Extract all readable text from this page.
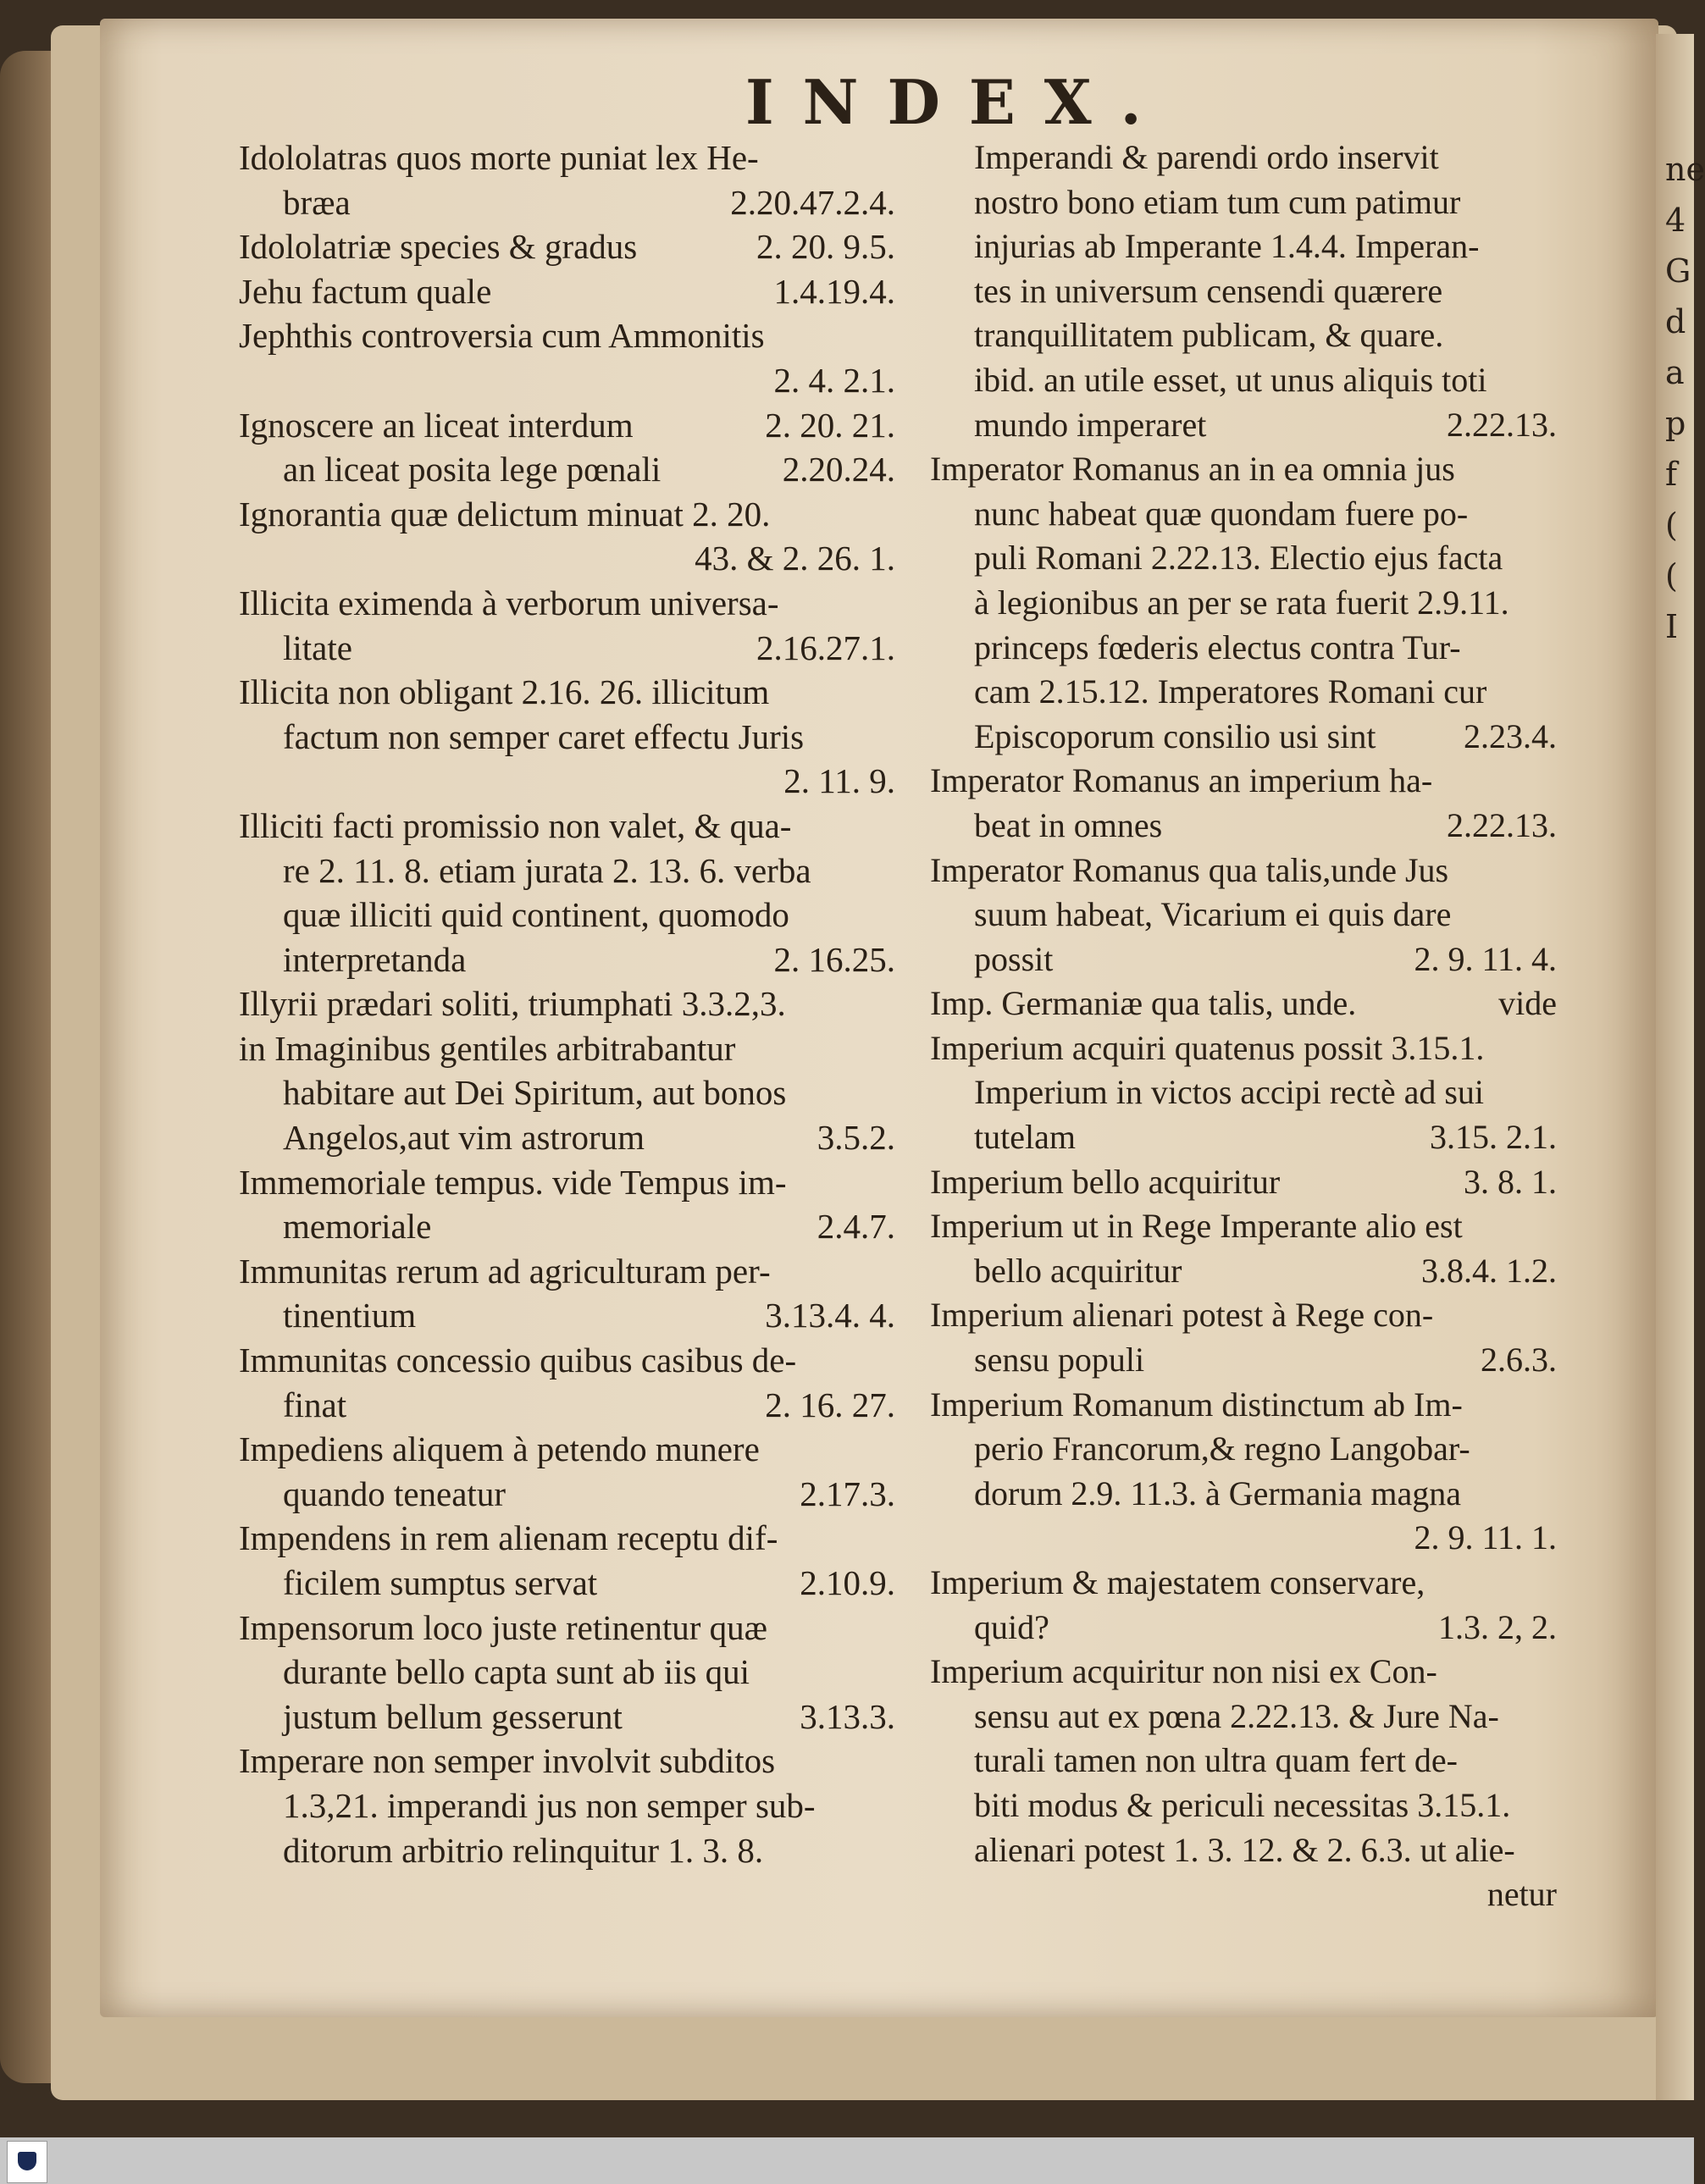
ne
4
G
d
a
p
f
(
(
I
INDEX.
Idololatras quos morte puniat lex He-
bræa	2.20.47.2.4.
Idololatriæ species & gradus	2. 20. 9.5.
Jehu factum quale	1.4.19.4.
Jephthis controversia cum Ammonitis
2. 4. 2.1.
Ignoscere an liceat interdum	2. 20. 21.
an liceat posita lege pœnali	2.20.24.
Ignorantia quæ delictum minuat 2. 20.
43. & 2. 26. 1.
Illicita eximenda à verborum universa-
litate	2.16.27.1.
Illicita non obligant 2.16. 26. illicitum
factum non semper caret effectu Juris
2. 11. 9.
Illiciti facti promissio non valet, & qua-
re 2. 11. 8. etiam jurata 2. 13. 6. verba
quæ illiciti quid continent, quomodo
interpretanda	2. 16.25.
Illyrii prædari soliti, triumphati 3.3.2,3.
in Imaginibus gentiles arbitrabantur
habitare aut Dei Spiritum, aut bonos
Angelos,aut vim astrorum	3.5.2.
Immemoriale tempus. vide Tempus im-
memoriale	2.4.7.
Immunitas rerum ad agriculturam per-
tinentium	3.13.4. 4.
Immunitas concessio quibus casibus de-
finat	2. 16. 27.
Impediens aliquem à petendo munere
quando teneatur	2.17.3.
Impendens in rem alienam receptu dif-
ficilem sumptus servat	2.10.9.
Impensorum loco juste retinentur quæ
durante bello capta sunt ab iis qui
justum bellum gesserunt	3.13.3.
Imperare non semper involvit subditos
1.3,21. imperandi jus non semper sub-
ditorum arbitrio relinquitur 1. 3. 8.
Imperandi & parendi ordo inservit
nostro bono etiam tum cum patimur
injurias ab Imperante 1.4.4. Imperan-
tes in universum censendi quærere
tranquillitatem publicam, & quare.
ibid. an utile esset, ut unus aliquis toti
mundo imperaret	2.22.13.
Imperator Romanus an in ea omnia jus
nunc habeat quæ quondam fuere po-
puli Romani 2.22.13. Electio ejus facta
à legionibus an per se rata fuerit 2.9.11.
princeps fœderis electus contra Tur-
cam 2.15.12. Imperatores Romani cur
Episcoporum consilio usi sint	2.23.4.
Imperator Romanus an imperium ha-
beat in omnes	2.22.13.
Imperator Romanus qua talis,unde Jus
suum habeat, Vicarium ei quis dare
possit	2. 9. 11. 4.
Imp. Germaniæ qua talis, unde.	vide
Imperium acquiri quatenus possit 3.15.1.
Imperium in victos accipi rectè ad sui
tutelam	3.15. 2.1.
Imperium bello acquiritur	3. 8. 1.
Imperium ut in Rege Imperante alio est
bello acquiritur	3.8.4. 1.2.
Imperium alienari potest à Rege con-
sensu populi	2.6.3.
Imperium Romanum distinctum ab Im-
perio Francorum,& regno Langobar-
dorum 2.9. 11.3. à Germania magna
2. 9. 11. 1.
Imperium & majestatem conservare,
quid?	1.3. 2, 2.
Imperium acquiritur non nisi ex Con-
sensu aut ex pœna 2.22.13. & Jure Na-
turali tamen non ultra quam fert de-
biti modus & periculi necessitas 3.15.1.
alienari potest 1. 3. 12. & 2. 6.3. ut alie-
netur
